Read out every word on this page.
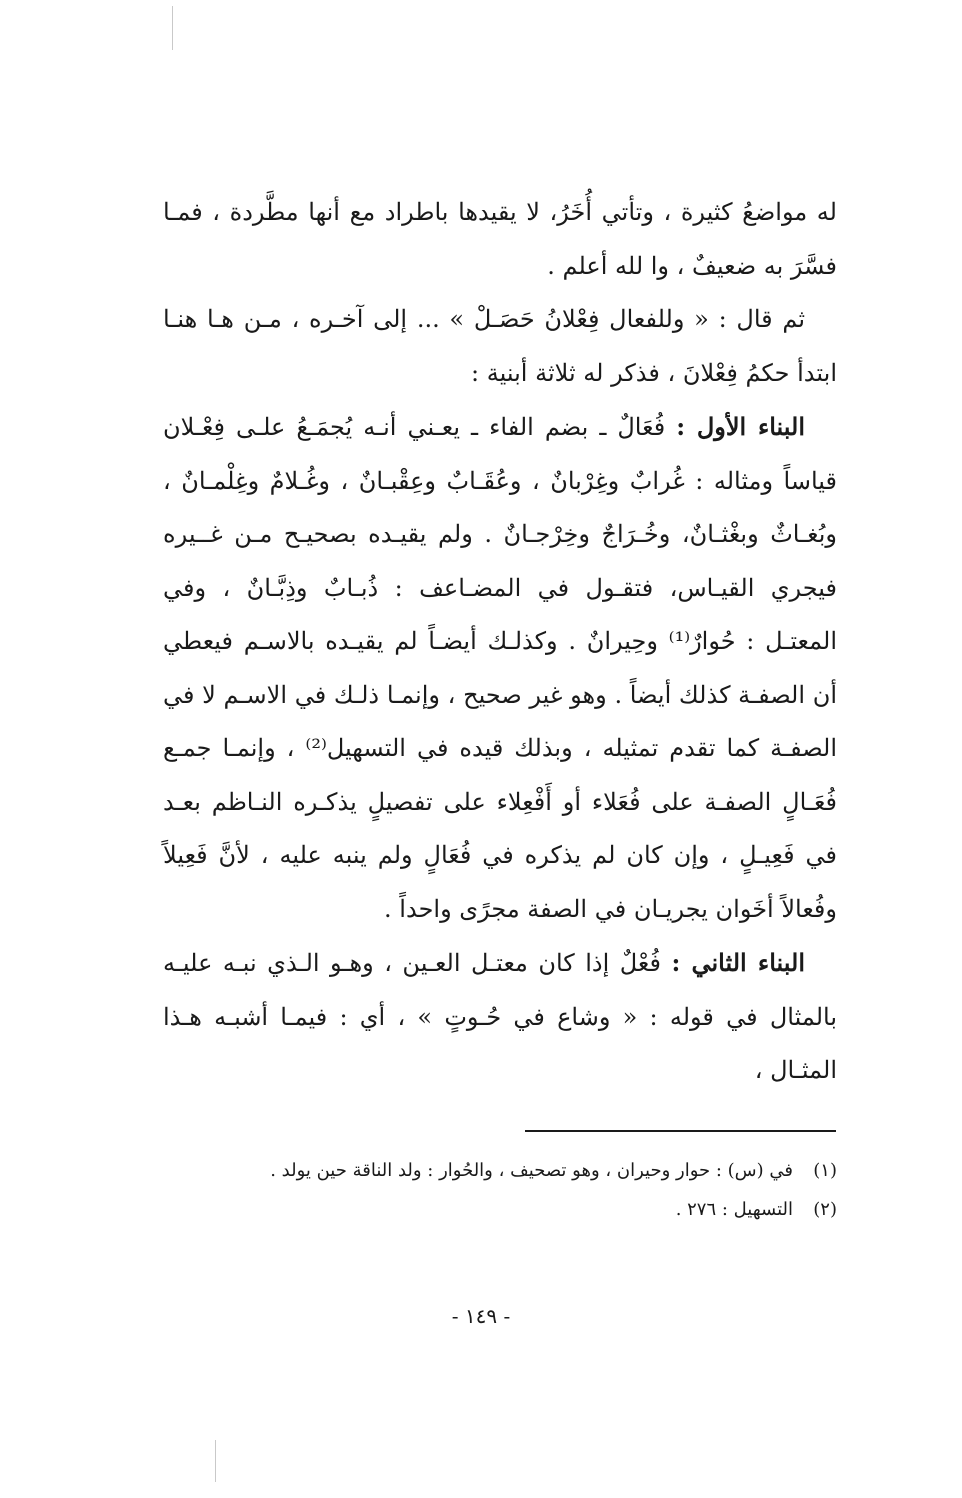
له مواضعُ كثيرة ، وتأتي أُخَرُ، لا يقيدها باطراد مع أنها مطَّردة ، فمـا فسَّرَ به ضعيفٌ ، وا لله أعلم .

ثم قال : « وللفعال فِعْلانُ حَصَـلْ » ... إلى آخـره ، مـن هـا هنـا ابتدأ حكمُ فِعْلانَ ، فذكر له ثلاثة أبنية :

البناء الأول : فُعَالٌ ـ بضم الفاء ـ يعـني أنـه يُجمَـعُ علـى فِعْـلان قياساً ومثاله : غُرابٌ وغِرْبانٌ ، وعُقَـابٌ وعِقْبـانٌ ، وغُـلامٌ وغِلْمـانٌ ، وبُغـاثٌ وبغْثـانٌ، وخُـرَاجٌ وخِرْجـانٌ . ولم يقيـده بصحيـح مـن غــيره فيجري القيـاس، فتقـول في المضـاعف : ذُبـابٌ وذِبَّـانٌ ، وفي المعتـل : حُوارٌ⁽¹⁾ وحِيرانٌ . وكذلـك أيضـاً لم يقيـده بالاسـم فيعطي أن الصفـة كذلك أيضاً . وهو غير صحيح ، وإنمـا ذلـك في الاسـم لا في الصفـة كما تقدم تمثيله ، وبذلك قيده في التسهيل⁽²⁾ ، وإنمـا جمـع فُعَـالٍ الصفـة على فُعَلاء أو أَفْعِلاء على تفصيلٍ يذكـره النـاظم بعـد في فَعِيـلٍ ، وإن كان لم يذكره في فُعَالٍ ولم ينبه عليه ، لأنَّ فَعِيلاً وفُعالاً أخَوان يجريـان في الصفة مجرًى واحداً .

البناء الثاني : فُعْلٌ إذا كان معتـل العـين ، وهـو الـذي نبـه عليـه بالمثال في قوله : « وشاع في حُـوتٍ » ، أي : فيمـا أشبـه هـذا المثـال ،

(١)
في (س) : حوار وحيران ، وهو تصحيف ، والحُوار : ولد الناقة حين يولد .
(٢)
التسهيل : ٢٧٦ .
- ١٤٩ -
